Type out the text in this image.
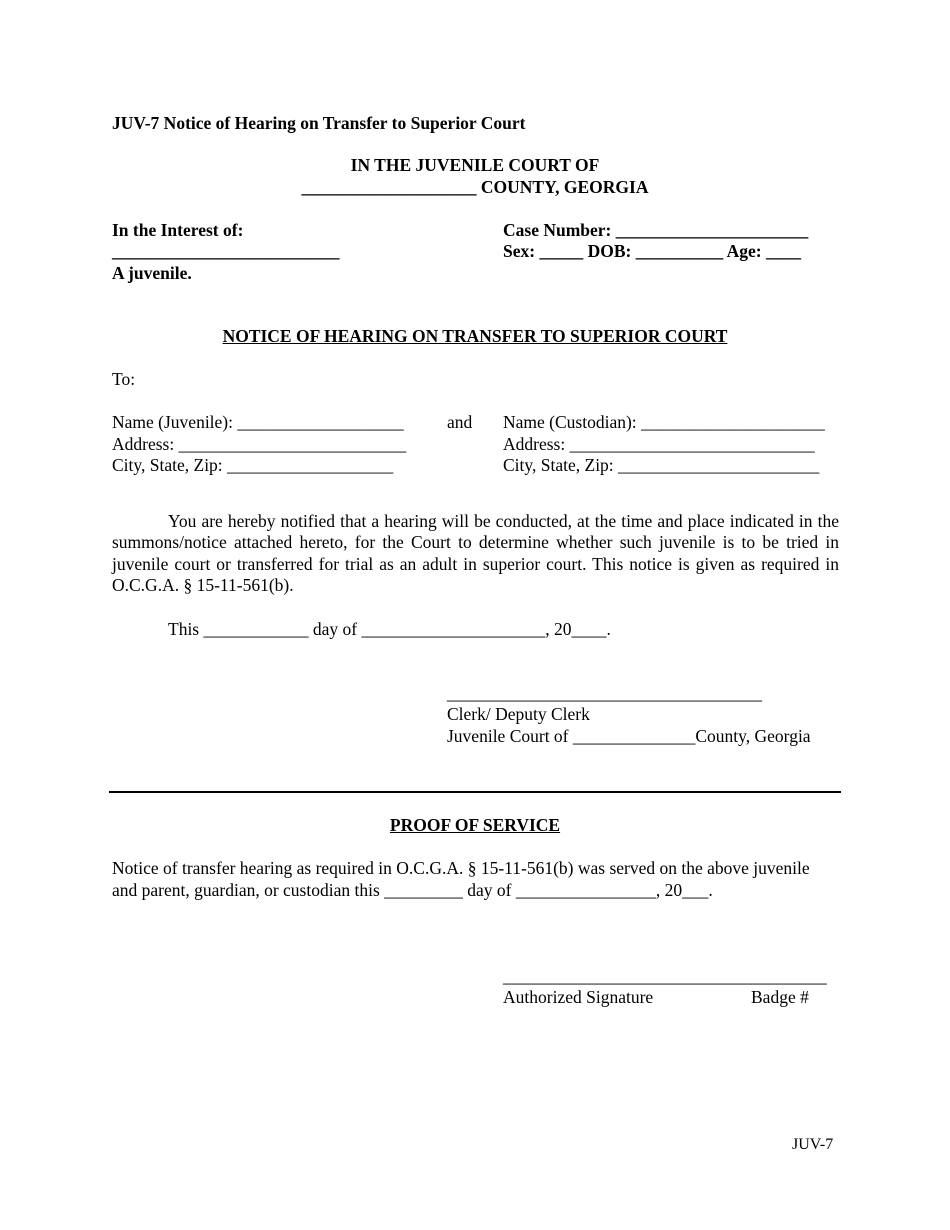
JUV-7 Notice of Hearing on Transfer to Superior Court
IN THE JUVENILE COURT OF
____________________ COUNTY, GEORGIA
In the Interest of:
__________________________
A juvenile.
Case Number: ______________________
Sex: _____ DOB: __________ Age: ____
NOTICE OF HEARING ON TRANSFER TO SUPERIOR COURT
To:
Name (Juvenile): ___________________
Address: __________________________
City, State, Zip: ___________________
and Name (Custodian): _____________________
Address: ____________________________
City, State, Zip: _______________________
You are hereby notified that a hearing will be conducted, at the time and place indicated in the summons/notice attached hereto, for the Court to determine whether such juvenile is to be tried in juvenile court or transferred for trial as an adult in superior court. This notice is given as required in O.C.G.A. § 15-11-561(b).
This ____________ day of _____________________, 20____.
____________________________________
Clerk/ Deputy Clerk
Juvenile Court of ______________County, Georgia
PROOF OF SERVICE
Notice of transfer hearing as required in O.C.G.A. § 15-11-561(b) was served on the above juvenile
and parent, guardian, or custodian this _________ day of ________________, 20___.
_____________________________________
Authorized Signature	Badge #
JUV-7
